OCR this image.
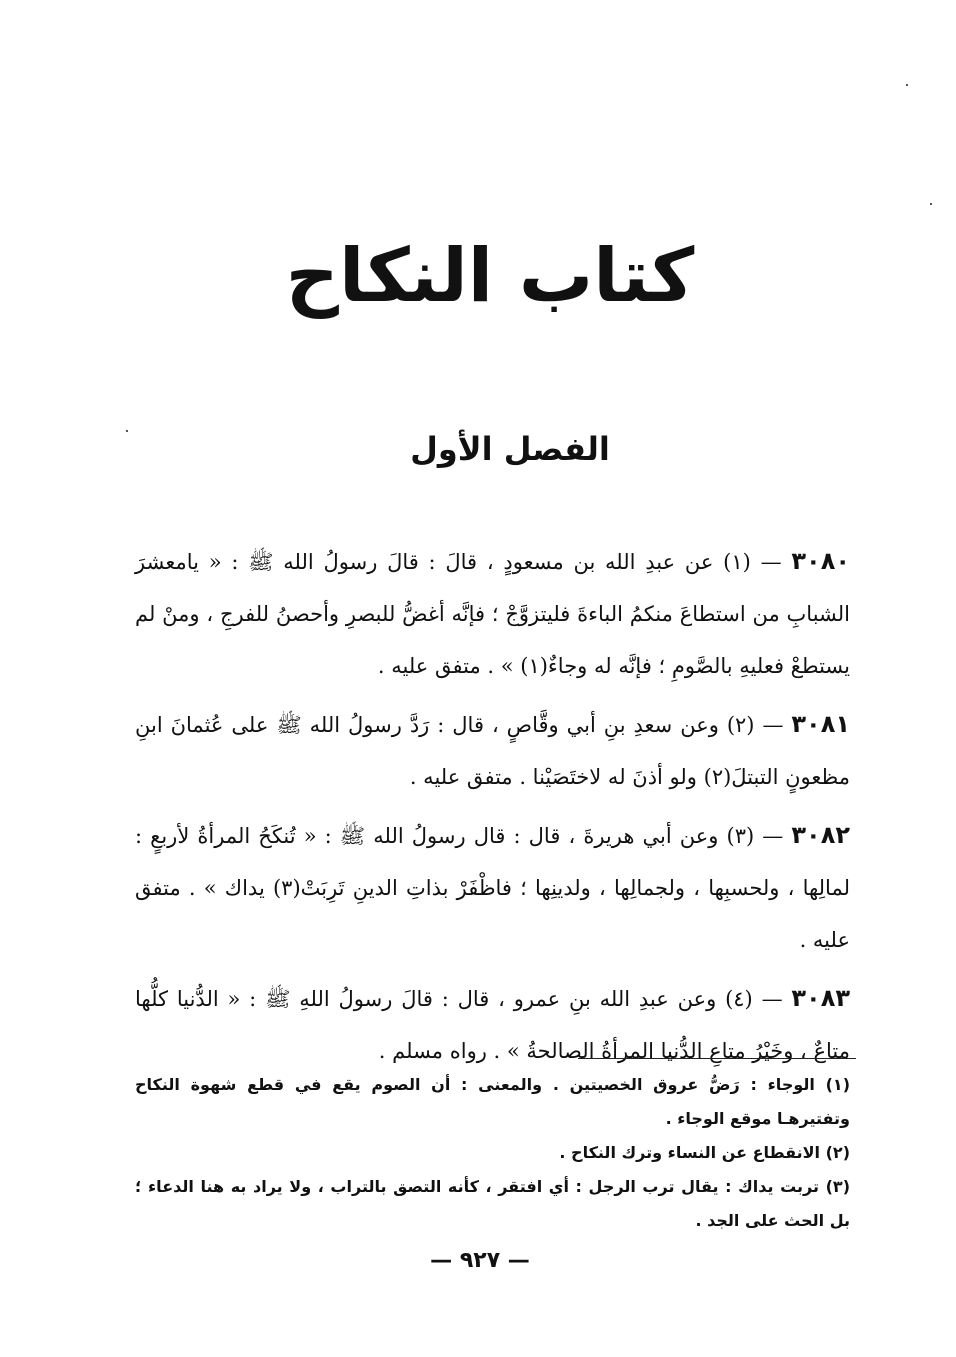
كتاب النكاح
الفصل الأول

٣٠٨٠ — (١) عن عبدِ الله بن مسعودٍ ، قالَ : قالَ رسولُ الله ﷺ : « يامعشرَ الشبابِ من استطاعَ منكمُ الباءةَ فليتزوَّجْ ؛ فإنَّه أغضُّ للبصرِ وأحصنُ للفرجِ ، ومنْ لم يستطعْ فعليهِ بالصَّومِ ؛ فإنَّه له وجاءٌ(١) » . متفق عليه .

٣٠٨١ — (٢) وعن سعدِ بنِ أبي وقَّاصٍ ، قال : رَدَّ رسولُ الله ﷺ على عُثمانَ ابنِ مظعونٍ التبتلَ(٢) ولو أذنَ له لاختَصَيْنا . متفق عليه .

٣٠٨٢ — (٣) وعن أبي هريرةَ ، قال : قال رسولُ الله ﷺ : « تُنكَحُ المرأةُ لأربعٍ : لمالِها ، ولحسبِها ، ولجمالِها ، ولدينِها ؛ فاظْفَرْ بذاتِ الدينِ تَرِبَتْ(٣) يداك » . متفق عليه .

٣٠٨٣ — (٤) وعن عبدِ الله بنِ عمرو ، قال : قالَ رسولُ اللهِ ﷺ : « الدُّنيا كلُّها متاعٌ ، وخَيْرُ متاعِ الدُّنيا المرأةُ الصالحةُ » . رواه مسلم .

(١) الوجاء : رَضُّ عروق الخصيتين . والمعنى : أن الصوم يقع في قطع شهوة النكاح وتفتيرهـا موقع الوجاء .

(٢) الانقطاع عن النساء وترك النكاح .

(٣) تربت يداك : يقال ترب الرجل : أي افتقر ، كأنه التصق بالتراب ، ولا يراد به هنا الدعاء ؛ بل الحث على الجد .

— ٩٢٧ —
